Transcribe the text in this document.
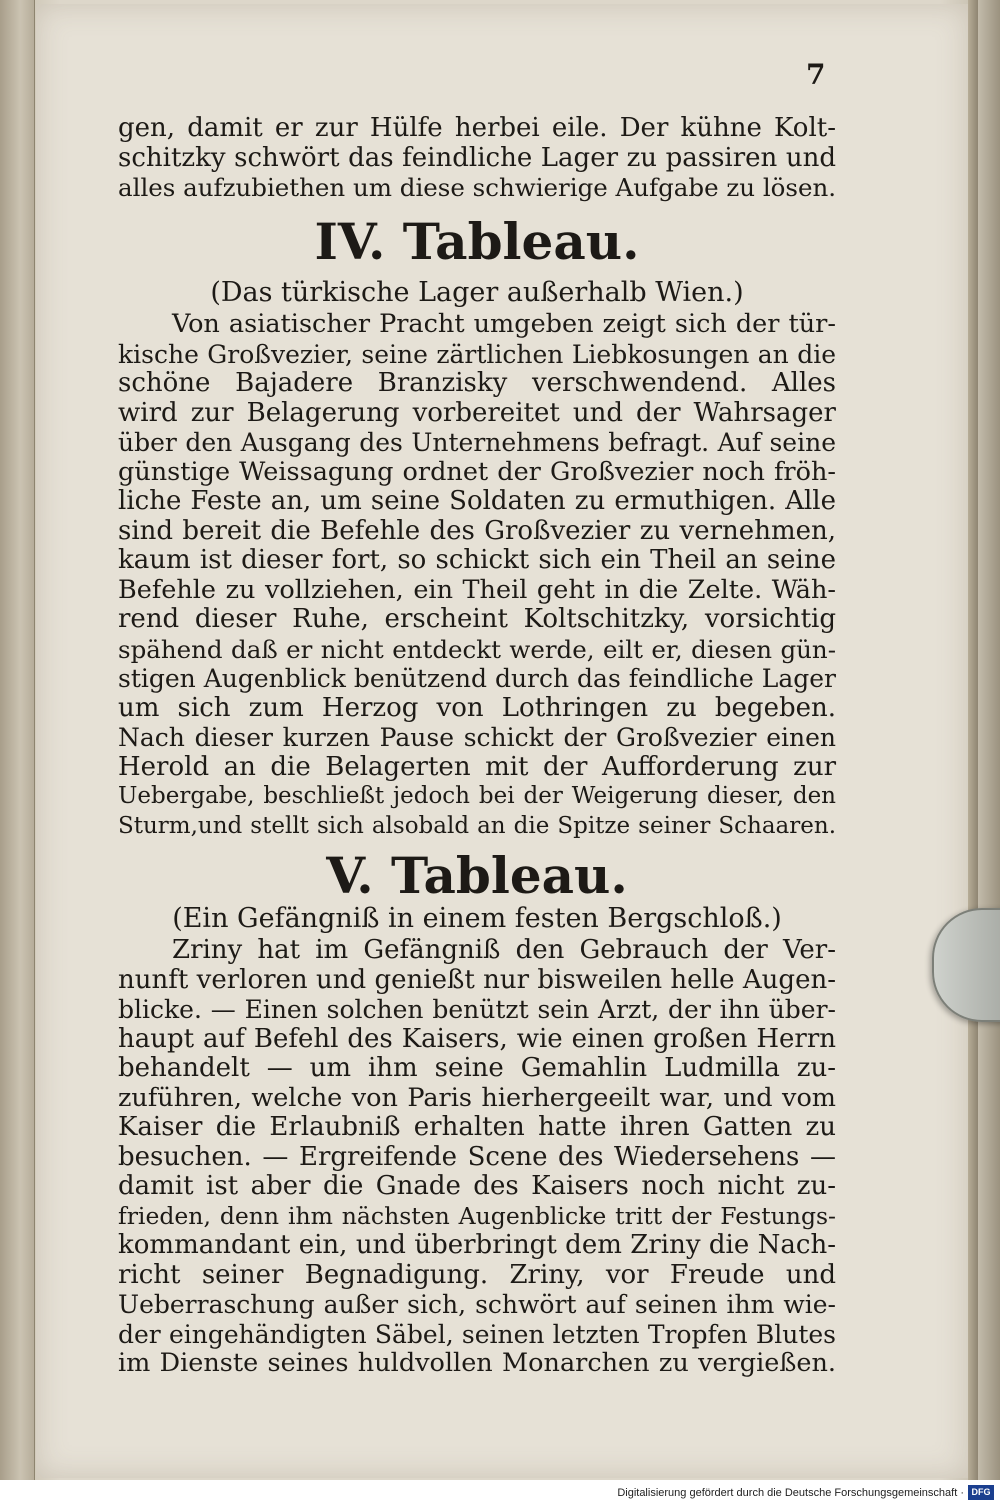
7
gen, damit er zur Hülfe herbei eile. Der kühne Kolt-
schitzky schwört das feindliche Lager zu passiren und
alles aufzubiethen um diese schwierige Aufgabe zu lösen.
IV. Tableau.
(Das türkische Lager außerhalb Wien.)
Von asiatischer Pracht umgeben zeigt sich der tür-
kische Großvezier, seine zärtlichen Liebkosungen an die
schöne Bajadere Branzisky verschwendend. Alles
wird zur Belagerung vorbereitet und der Wahrsager
über den Ausgang des Unternehmens befragt. Auf seine
günstige Weissagung ordnet der Großvezier noch fröh-
liche Feste an, um seine Soldaten zu ermuthigen. Alle
sind bereit die Befehle des Großvezier zu vernehmen,
kaum ist dieser fort, so schickt sich ein Theil an seine
Befehle zu vollziehen, ein Theil geht in die Zelte. Wäh-
rend dieser Ruhe, erscheint Koltschitzky, vorsichtig
spähend daß er nicht entdeckt werde, eilt er, diesen gün-
stigen Augenblick benützend durch das feindliche Lager
um sich zum Herzog von Lothringen zu begeben.
Nach dieser kurzen Pause schickt der Großvezier einen
Herold an die Belagerten mit der Aufforderung zur
Uebergabe, beschließt jedoch bei der Weigerung dieser, den
Sturm,und stellt sich alsobald an die Spitze seiner Schaaren.
V. Tableau.
(Ein Gefängniß in einem festen Bergschloß.)
Zriny hat im Gefängniß den Gebrauch der Ver-
nunft verloren und genießt nur bisweilen helle Augen-
blicke. — Einen solchen benützt sein Arzt, der ihn über-
haupt auf Befehl des Kaisers, wie einen großen Herrn
behandelt — um ihm seine Gemahlin Ludmilla zu-
zuführen, welche von Paris hierhergeeilt war, und vom
Kaiser die Erlaubniß erhalten hatte ihren Gatten zu
besuchen. — Ergreifende Scene des Wiedersehens —
damit ist aber die Gnade des Kaisers noch nicht zu-
frieden, denn ihm nächsten Augenblicke tritt der Festungs-
kommandant ein, und überbringt dem Zriny die Nach-
richt seiner Begnadigung. Zriny, vor Freude und
Ueberraschung außer sich, schwört auf seinen ihm wie-
der eingehändigten Säbel, seinen letzten Tropfen Blutes
im Dienste seines huldvollen Monarchen zu vergießen.
Digitalisierung gefördert durch die Deutsche Forschungsgemeinschaft · DFG
